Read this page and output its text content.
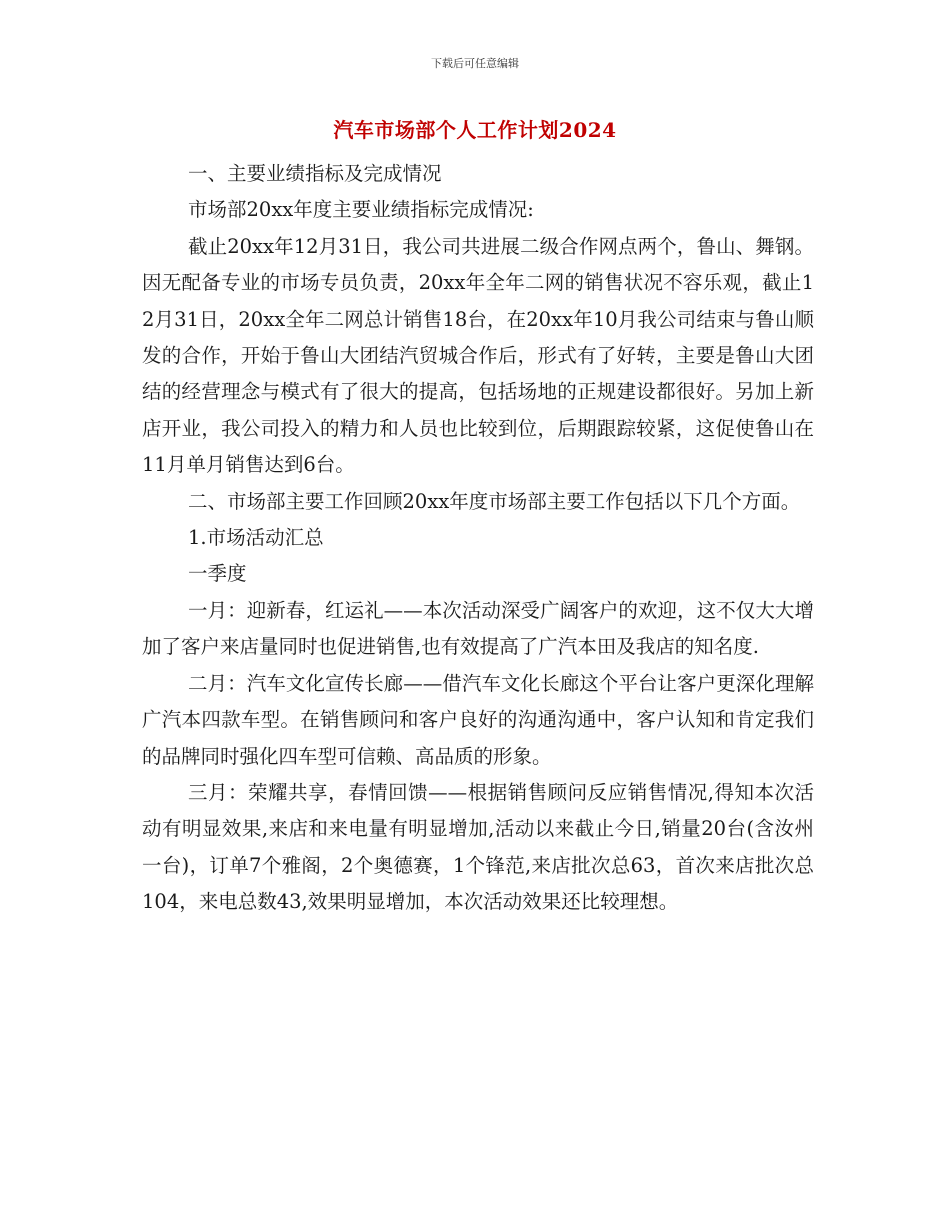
下载后可任意编辑
汽车市场部个人工作计划2024

一、主要业绩指标及完成情况

市场部20xx年度主要业绩指标完成情况:

截止20xx年12月31日，我公司共进展二级合作网点两个，鲁山、舞钢。因无配备专业的市场专员负责，20xx年全年二网的销售状况不容乐观，截止12月31日，20xx全年二网总计销售18台，在20xx年10月我公司结束与鲁山顺发的合作，开始于鲁山大团结汽贸城合作后，形式有了好转，主要是鲁山大团结的经营理念与模式有了很大的提高，包括场地的正规建设都很好。另加上新店开业，我公司投入的精力和人员也比较到位，后期跟踪较紧，这促使鲁山在11月单月销售达到6台。

二、市场部主要工作回顾20xx年度市场部主要工作包括以下几个方面。

1.市场活动汇总

一季度

一月：迎新春，红运礼——本次活动深受广阔客户的欢迎，这不仅大大增加了客户来店量同时也促进销售,也有效提高了广汽本田及我店的知名度.

二月：汽车文化宣传长廊——借汽车文化长廊这个平台让客户更深化理解广汽本四款车型。在销售顾问和客户良好的沟通沟通中，客户认知和肯定我们的品牌同时强化四车型可信赖、高品质的形象。

三月：荣耀共享，春情回馈——根据销售顾问反应销售情况,得知本次活动有明显效果,来店和来电量有明显增加,活动以来截止今日,销量20台(含汝州一台)，订单7个雅阁，2个奥德赛，1个锋范,来店批次总63，首次来店批次总104，来电总数43,效果明显增加，本次活动效果还比较理想。
